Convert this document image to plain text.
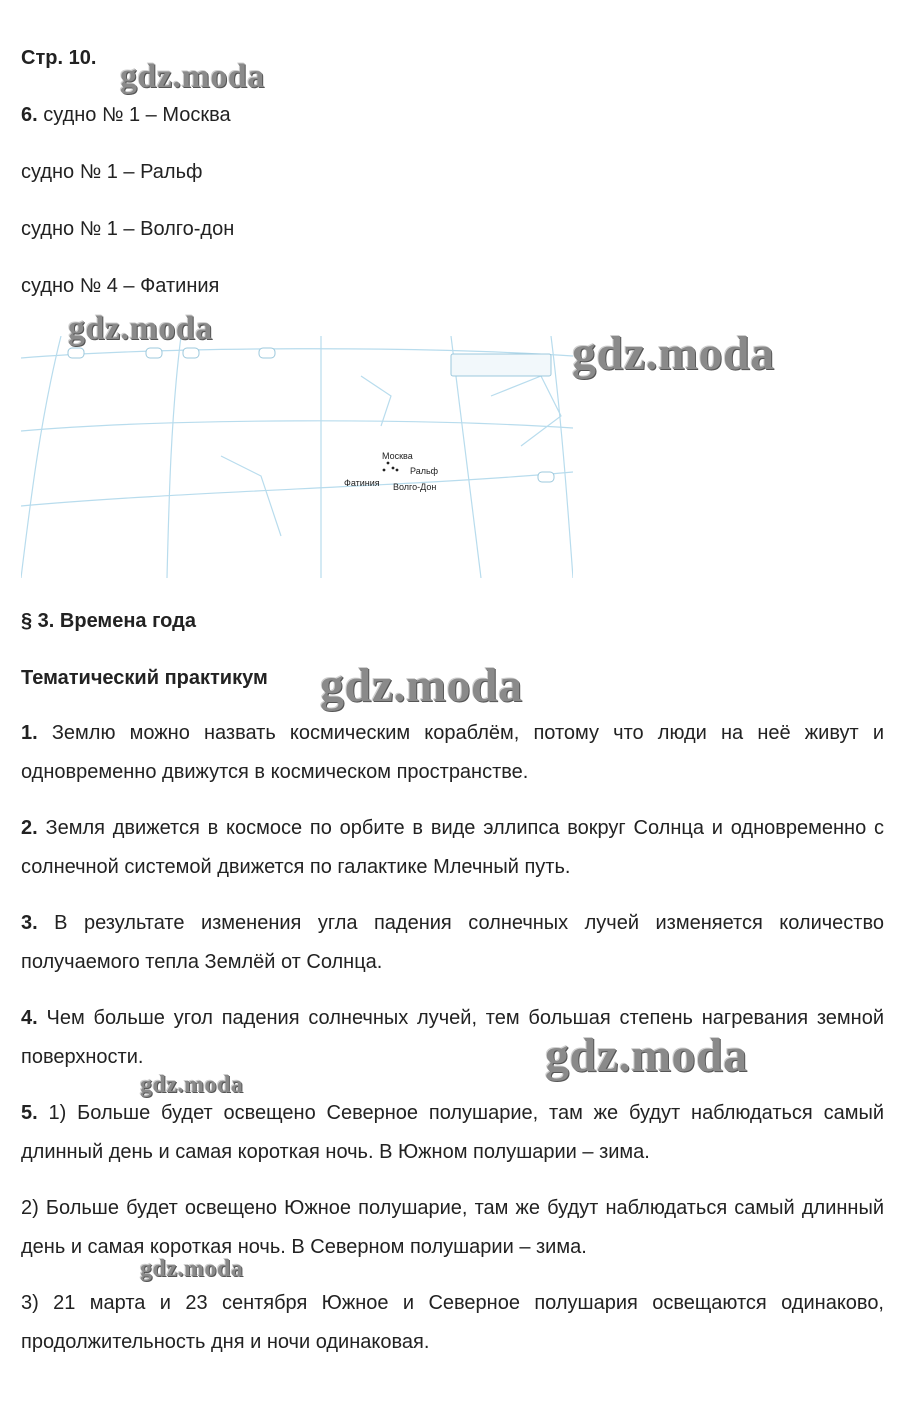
Стр. 10.
6. судно № 1 – Москва
судно № 1 – Ральф
судно № 1 – Волго-дон
судно № 4 – Фатиния
Москва
Ральф
Фатиния Волго-Дон
§ 3. Времена года
Тематический практикум
1. Землю можно назвать космическим кораблём, потому что люди на неё живут и одновременно движутся в космическом пространстве.
2. Земля движется в космосе по орбите в виде эллипса вокруг Солнца и одновременно с солнечной системой движется по галактике Млечный путь.
3. В результате изменения угла падения солнечных лучей изменяется количество получаемого тепла Землёй от Солнца.
4. Чем больше угол падения солнечных лучей, тем большая степень нагревания земной поверхности.
5. 1) Больше будет освещено Северное полушарие, там же будут наблюдаться самый длинный день и самая короткая ночь. В Южном полушарии – зима.
2) Больше будет освещено Южное полушарие, там же будут наблюдаться самый длинный день и самая короткая ночь. В Северном полушарии – зима.
3) 21 марта и 23 сентября Южное и Северное полушария освещаются одинаково, продолжительность дня и ночи одинаковая.
gdz.moda
gdz.moda	gdz.moda
gdz.moda
gdz.moda
gdz.moda
gdz.moda
